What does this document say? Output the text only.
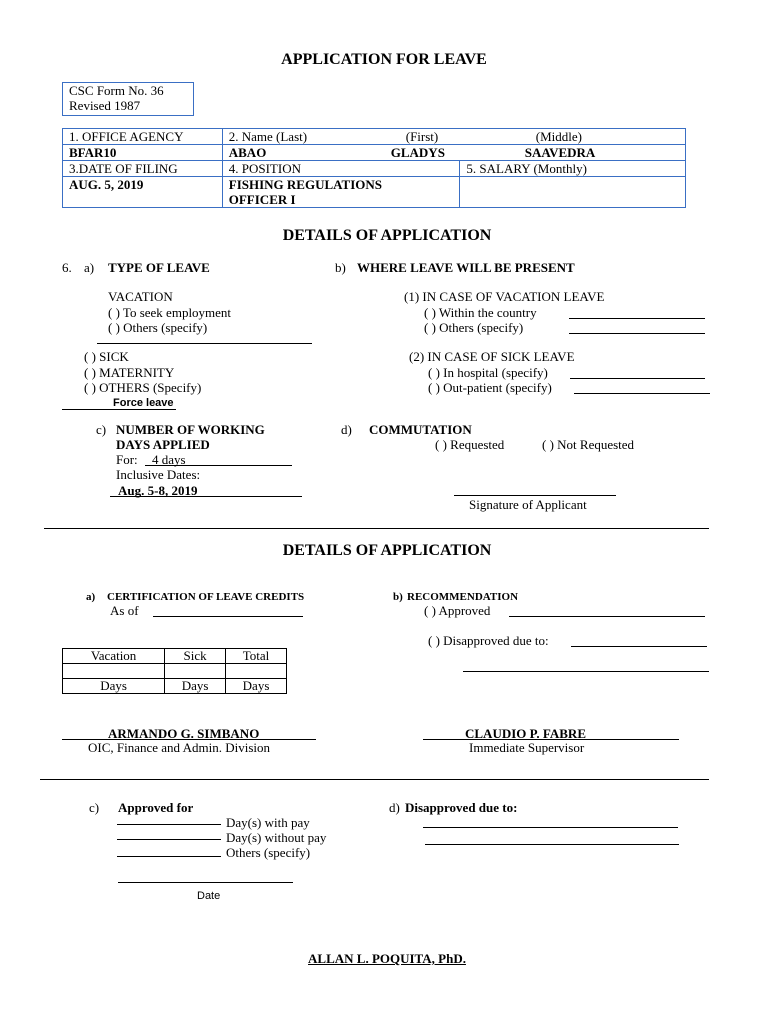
APPLICATION FOR LEAVE
CSC Form No. 36
Revised 1987
1. OFFICE AGENCY	2. Name (Last) (First) (Middle)	

BFAR10	ABAO GLADYS SAAVEDRA	

3.DATE OF FILING	4. POSITION	5. SALARY (Monthly)
AUG. 5, 2019	FISHING REGULATIONS
OFFICER I	

DETAILS OF APPLICATION
6. a) TYPE OF LEAVE
VACATION
( ) To seek employment
( ) Others (specify)
( ) SICK
( ) MATERNITY
( ) OTHERS (Specify)
Force leave
b) WHERE LEAVE WILL BE PRESENT
(1) IN CASE OF VACATION LEAVE
( ) Within the country
( ) Others (specify)
(2) IN CASE OF SICK LEAVE
( ) In hospital (specify)
( ) Out-patient (specify)
c) NUMBER OF WORKING
DAYS APPLIED
For: 4 days
Inclusive Dates:
Aug. 5-8, 2019
d) COMMUTATION
( ) Requested	( ) Not Requested
Signature of Applicant
DETAILS OF APPLICATION
a) CERTIFICATION OF LEAVE CREDITS
As of
Vacation	Sick	Total

Days	Days	Days
b) RECOMMENDATION
( ) Approved
( ) Disapproved due to:
ARMANDO G. SIMBANO
OIC, Finance and Admin. Division
CLAUDIO P. FABRE
Immediate Supervisor
c) Approved for
Day(s) with pay
Day(s) without pay
Others (specify)
Date
d) Disapproved due to:
ALLAN L. POQUITA, PhD.
